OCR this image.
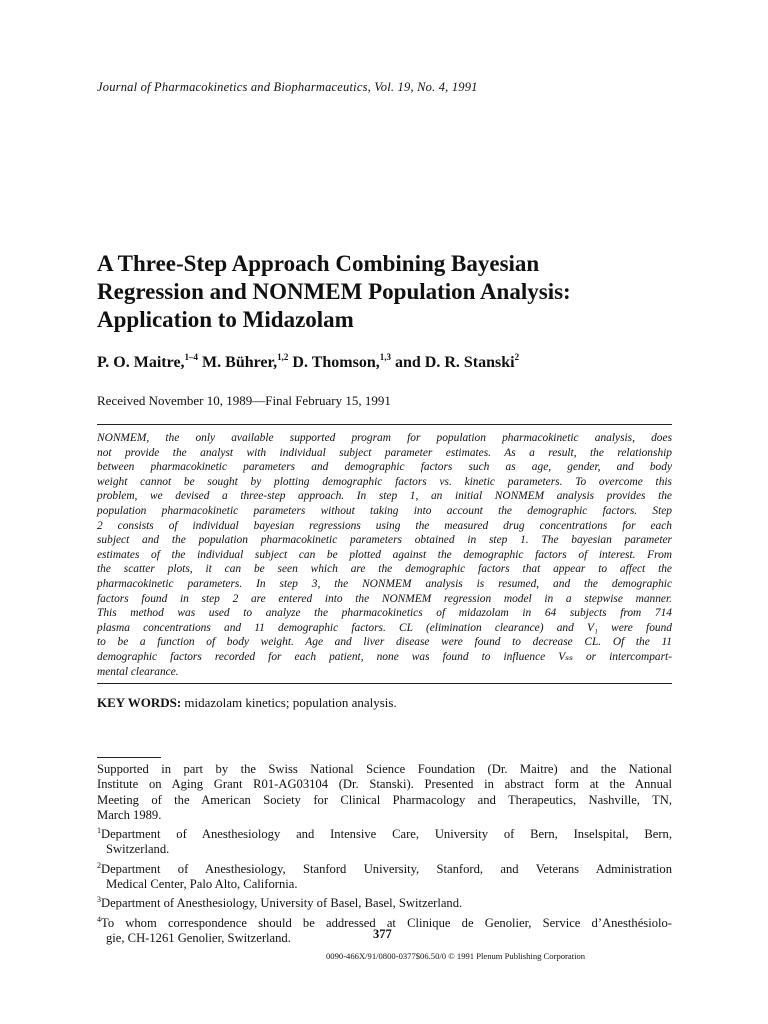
Journal of Pharmacokinetics and Biopharmaceutics, Vol. 19, No. 4, 1991
A Three-Step Approach Combining Bayesian
Regression and NONMEM Population Analysis:
Application to Midazolam
P. O. Maitre,$^{1-4}$ M. Bührer,$^{1,2}$ D. Thomson,$^{1,3}$ and D. R. Stanski$^2$
Received November 10, 1989—Final February 15, 1991
NONMEM, the only available supported program for population pharmacokinetic analysis, does
not provide the analyst with individual subject parameter estimates. As a result, the relationship
between pharmacokinetic parameters and demographic factors such as age, gender, and body
weight cannot be sought by plotting demographic factors vs. kinetic parameters. To overcome this
problem, we devised a three-step approach. In step 1, an initial NONMEM analysis provides the
population pharmacokinetic parameters without taking into account the demographic factors. Step
2 consists of individual bayesian regressions using the measured drug concentrations for each
subject and the population pharmacokinetic parameters obtained in step 1. The bayesian parameter
estimates of the individual subject can be plotted against the demographic factors of interest. From
the scatter plots, it can be seen which are the demographic factors that appear to affect the
pharmacokinetic parameters. In step 3, the NONMEM analysis is resumed, and the demographic
factors found in step 2 are entered into the NONMEM regression model in a stepwise manner.
This method was used to analyze the pharmacokinetics of midazolam in 64 subjects from 714
plasma concentrations and 11 demographic factors. CL (elimination clearance) and V₁ were found
to be a function of body weight. Age and liver disease were found to decrease CL. Of the 11
demographic factors recorded for each patient, none was found to influence Vₛₛ or intercompart-
mental clearance.
KEY WORDS: midazolam kinetics; population analysis.
Supported in part by the Swiss National Science Foundation (Dr. Maitre) and the National
Institute on Aging Grant R01-AG03104 (Dr. Stanski). Presented in abstract form at the Annual
Meeting of the American Society for Clinical Pharmacology and Therapeutics, Nashville, TN,
March 1989.
$^1$Department of Anesthesiology and Intensive Care, University of Bern, Inselspital, Bern,
Switzerland.
$^2$Department of Anesthesiology, Stanford University, Stanford, and Veterans Administration
Medical Center, Palo Alto, California.
$^3$Department of Anesthesiology, University of Basel, Basel, Switzerland.
$^4$To whom correspondence should be addressed at Clinique de Genolier, Service d’Anesthésiolo-
gie, CH-1261 Genolier, Switzerland.	377
0090-466X/91/0800-0377$06.50/0 © 1991 Plenum Publishing Corporation
